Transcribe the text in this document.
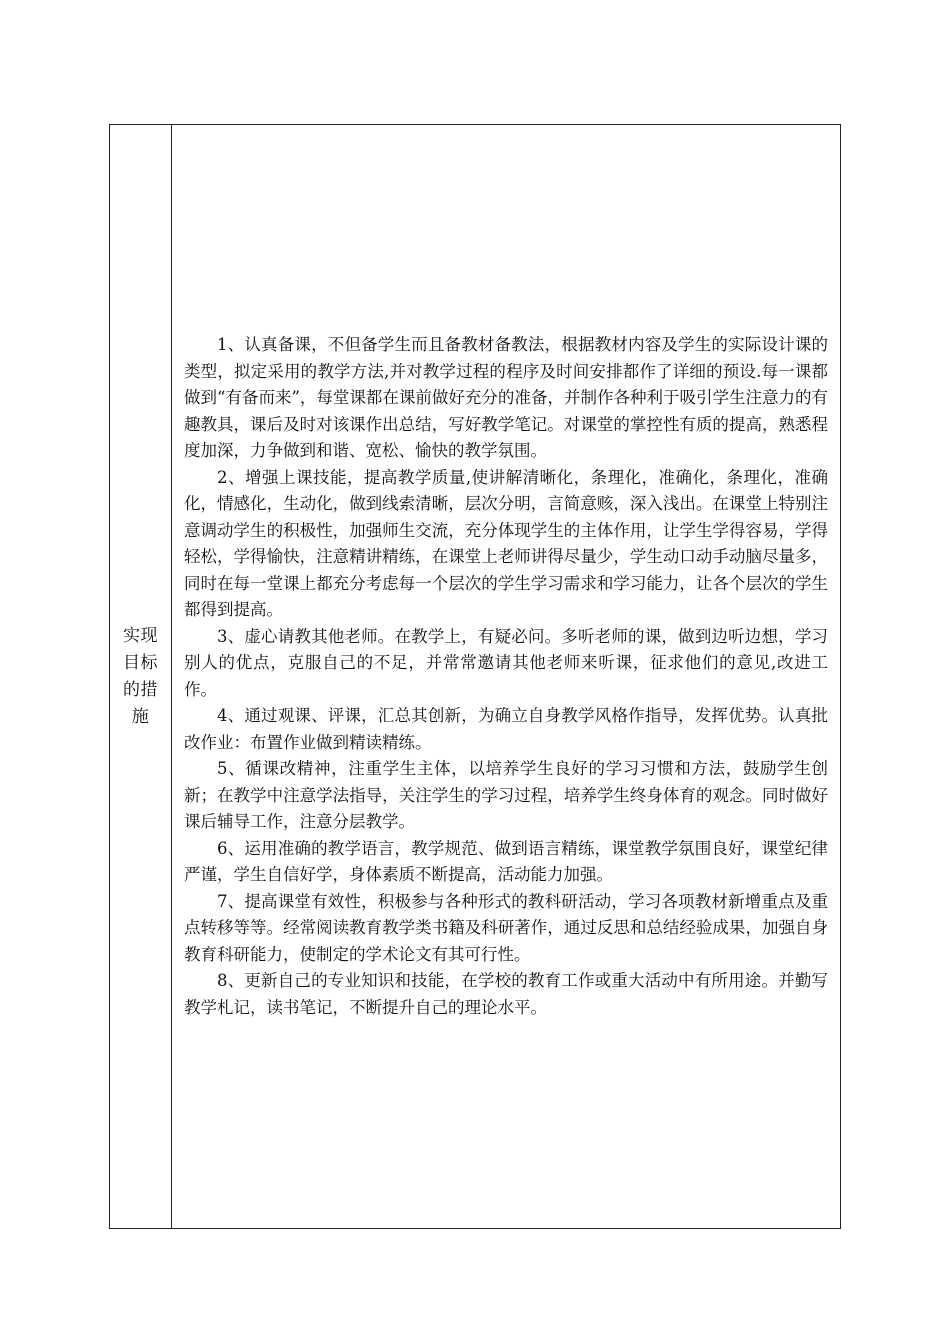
实现目标的措施

1、认真备课，不但备学生而且备教材备教法，根据教材内容及学生的实际设计课的类型，拟定采用的教学方法,并对教学过程的程序及时间安排都作了详细的预设.每一课都做到“有备而来”，每堂课都在课前做好充分的准备，并制作各种利于吸引学生注意力的有趣教具，课后及时对该课作出总结，写好教学笔记。对课堂的掌控性有质的提高，熟悉程度加深，力争做到和谐、宽松、愉快的教学氛围。

2、增强上课技能，提高教学质量,使讲解清晰化，条理化，准确化，条理化，准确化，情感化，生动化，做到线索清晰，层次分明，言简意赅，深入浅出。在课堂上特别注意调动学生的积极性，加强师生交流，充分体现学生的主体作用，让学生学得容易，学得轻松，学得愉快，注意精讲精练，在课堂上老师讲得尽量少，学生动口动手动脑尽量多，同时在每一堂课上都充分考虑每一个层次的学生学习需求和学习能力，让各个层次的学生都得到提高。

3、虚心请教其他老师。在教学上，有疑必问。多听老师的课，做到边听边想，学习别人的优点，克服自己的不足，并常常邀请其他老师来听课，征求他们的意见,改进工作。

4、通过观课、评课，汇总其创新，为确立自身教学风格作指导，发挥优势。认真批改作业：布置作业做到精读精练。

5、循课改精神，注重学生主体，以培养学生良好的学习习惯和方法，鼓励学生创新；在教学中注意学法指导，关注学生的学习过程，培养学生终身体育的观念。同时做好课后辅导工作，注意分层教学。

6、运用准确的教学语言，教学规范、做到语言精练，课堂教学氛围良好，课堂纪律严谨，学生自信好学，身体素质不断提高，活动能力加强。

7、提高课堂有效性，积极参与各种形式的教科研活动，学习各项教材新增重点及重点转移等等。经常阅读教育教学类书籍及科研著作，通过反思和总结经验成果，加强自身教育科研能力，使制定的学术论文有其可行性。

8、更新自己的专业知识和技能，在学校的教育工作或重大活动中有所用途。并勤写教学札记，读书笔记，不断提升自己的理论水平。
